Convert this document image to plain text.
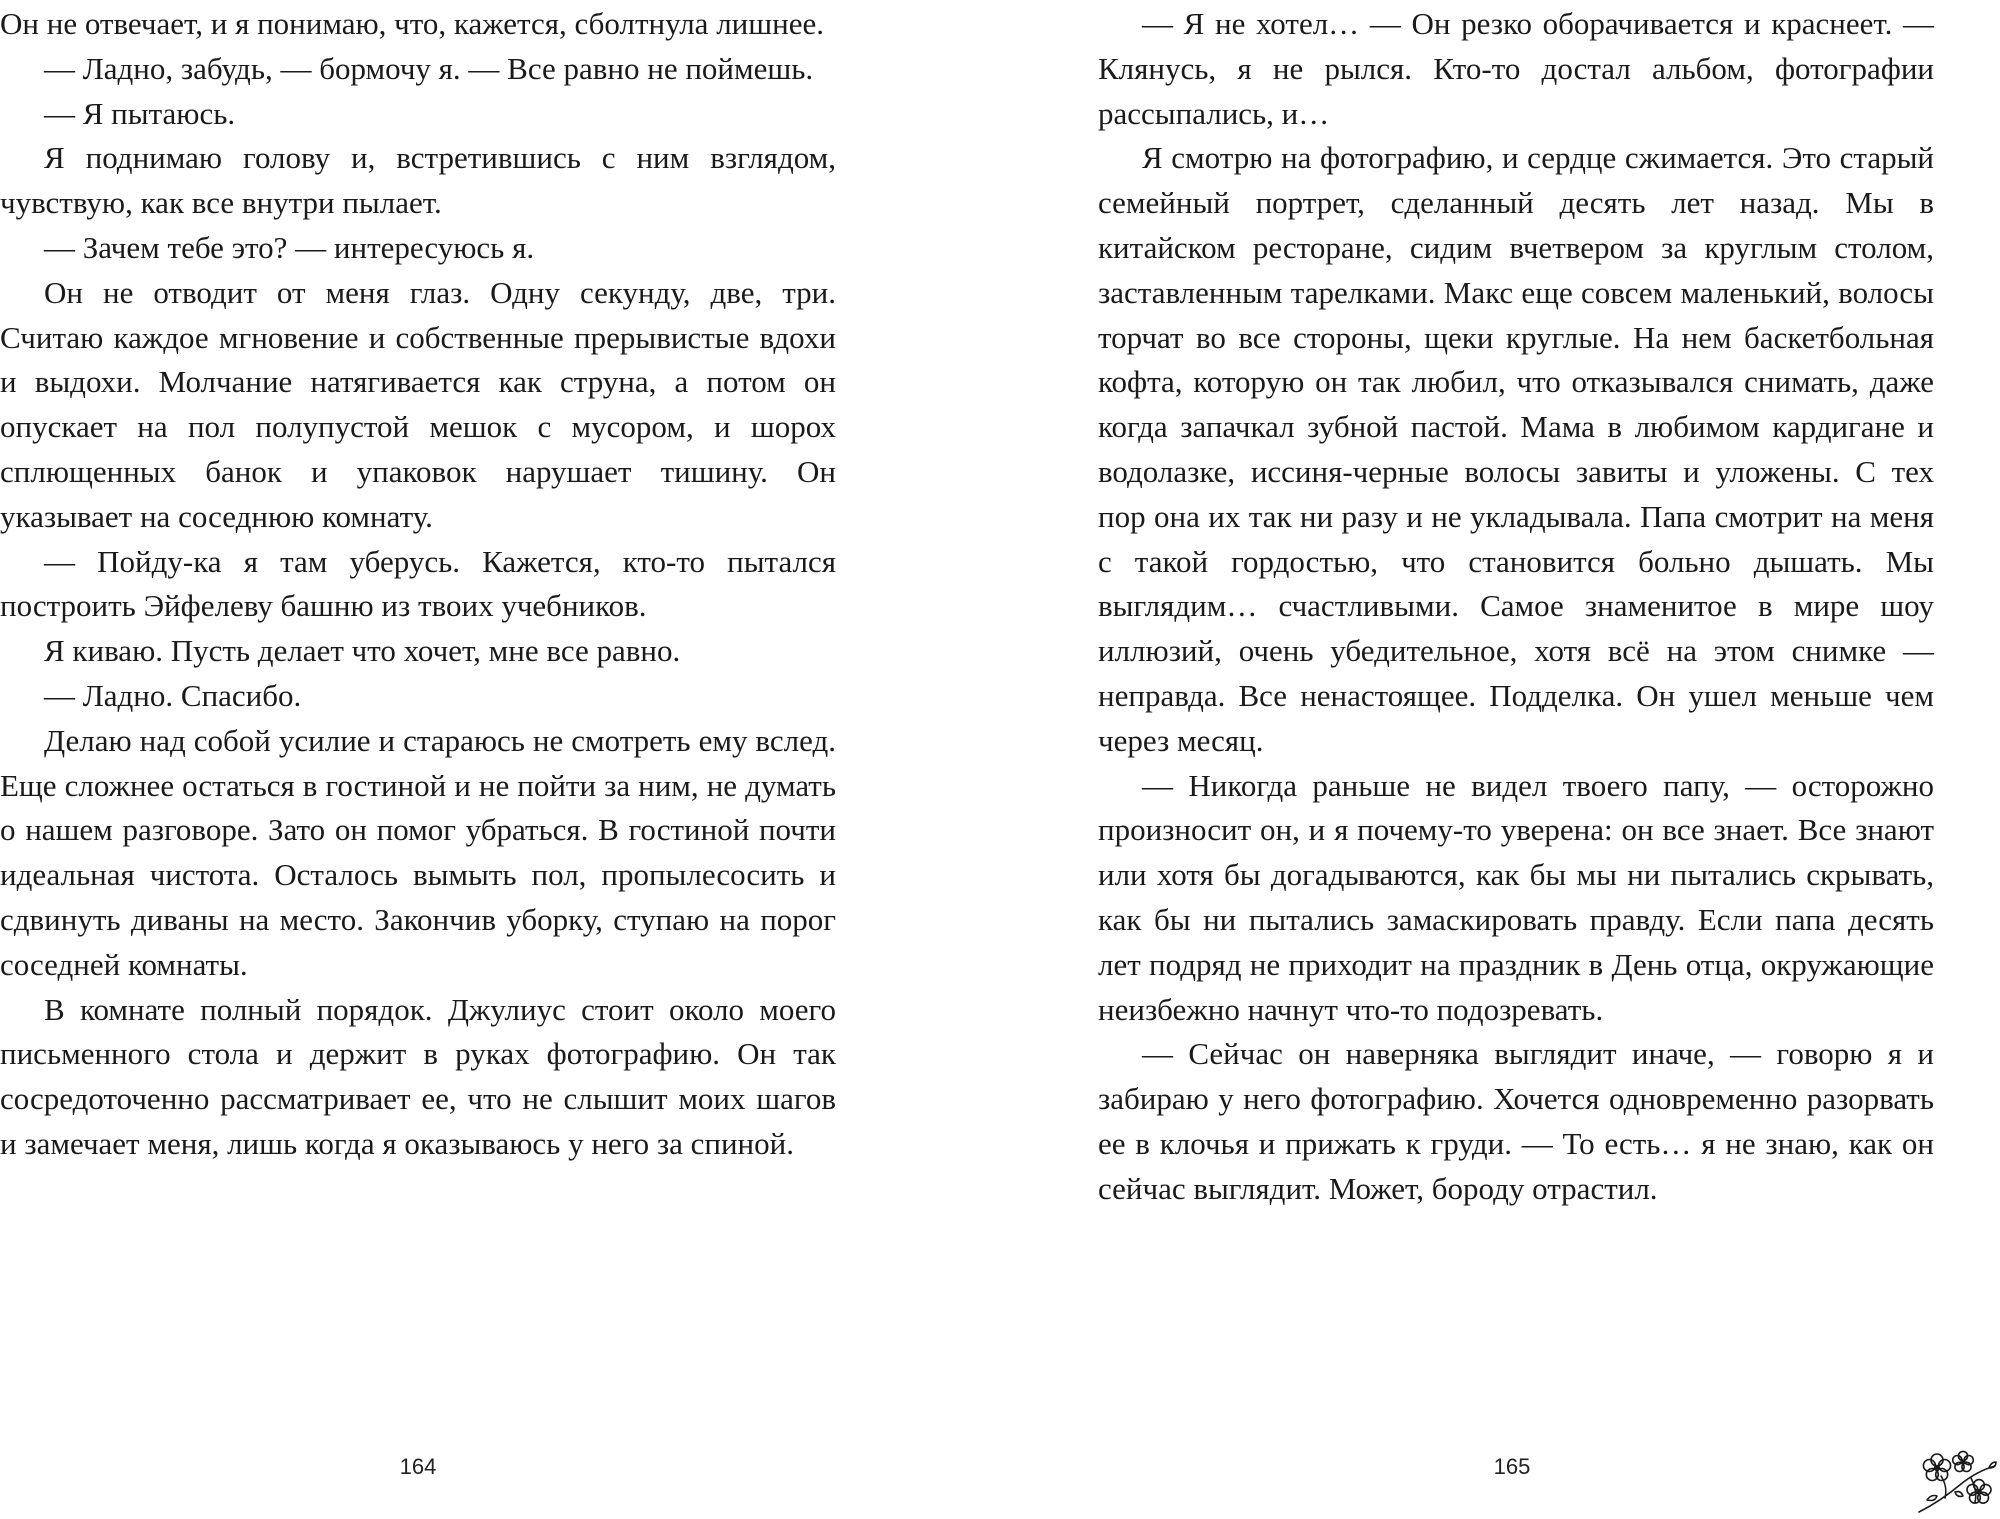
Он не отвечает, и я понимаю, что, кажется, сболтнула лишнее.

— Ладно, забудь, — бормочу я. — Все равно не поймешь.

— Я пытаюсь.

Я поднимаю голову и, встретившись с ним взглядом, чувствую, как все внутри пылает.

— Зачем тебе это? — интересуюсь я.

Он не отводит от меня глаз. Одну секунду, две, три. Считаю каждое мгновение и собственные прерывистые вдохи и выдохи. Молчание натягивается как струна, а потом он опускает на пол полупустой мешок с мусором, и шорох сплющенных банок и упаковок нарушает тишину. Он указывает на соседнюю комнату.

— Пойду-ка я там уберусь. Кажется, кто-то пытался построить Эйфелеву башню из твоих учебников.

Я киваю. Пусть делает что хочет, мне все равно.

— Ладно. Спасибо.

Делаю над собой усилие и стараюсь не смотреть ему вслед. Еще сложнее остаться в гостиной и не пойти за ним, не думать о нашем разговоре. Зато он помог убраться. В гостиной почти идеальная чистота. Осталось вымыть пол, пропылесосить и сдвинуть диваны на место. Закончив уборку, ступаю на порог соседней комнаты.

В комнате полный порядок. Джулиус стоит около моего письменного стола и держит в руках фотографию. Он так сосредоточенно рассматривает ее, что не слышит моих шагов и замечает меня, лишь когда я оказываюсь у него за спиной.

164

— Я не хотел… — Он резко оборачивается и краснеет. — Клянусь, я не рылся. Кто-то достал альбом, фотографии рассыпались, и…

Я смотрю на фотографию, и сердце сжимается. Это старый семейный портрет, сделанный десять лет назад. Мы в китайском ресторане, сидим вчетвером за круглым столом, заставленным тарелками. Макс еще совсем маленький, волосы торчат во все стороны, щеки круглые. На нем баскетбольная кофта, которую он так любил, что отказывался снимать, даже когда запачкал зубной пастой. Мама в любимом кардигане и водолазке, иссиня-черные волосы завиты и уложены. С тех пор она их так ни разу и не укладывала. Папа смотрит на меня с такой гордостью, что становится больно дышать. Мы выглядим… счастливыми. Самое знаменитое в мире шоу иллюзий, очень убедительное, хотя всё на этом снимке — неправда. Все ненастоящее. Подделка. Он ушел меньше чем через месяц.

— Никогда раньше не видел твоего папу, — осторожно произносит он, и я почему-то уверена: он все знает. Все знают или хотя бы догадываются, как бы мы ни пытались скрывать, как бы ни пытались замаскировать правду. Если папа десять лет подряд не приходит на праздник в День отца, окружающие неизбежно начнут что-то подозревать.

— Сейчас он наверняка выглядит иначе, — говорю я и забираю у него фотографию. Хочется одновременно разорвать ее в клочья и прижать к груди. — То есть… я не знаю, как он сейчас выглядит. Может, бороду отрастил.

165
